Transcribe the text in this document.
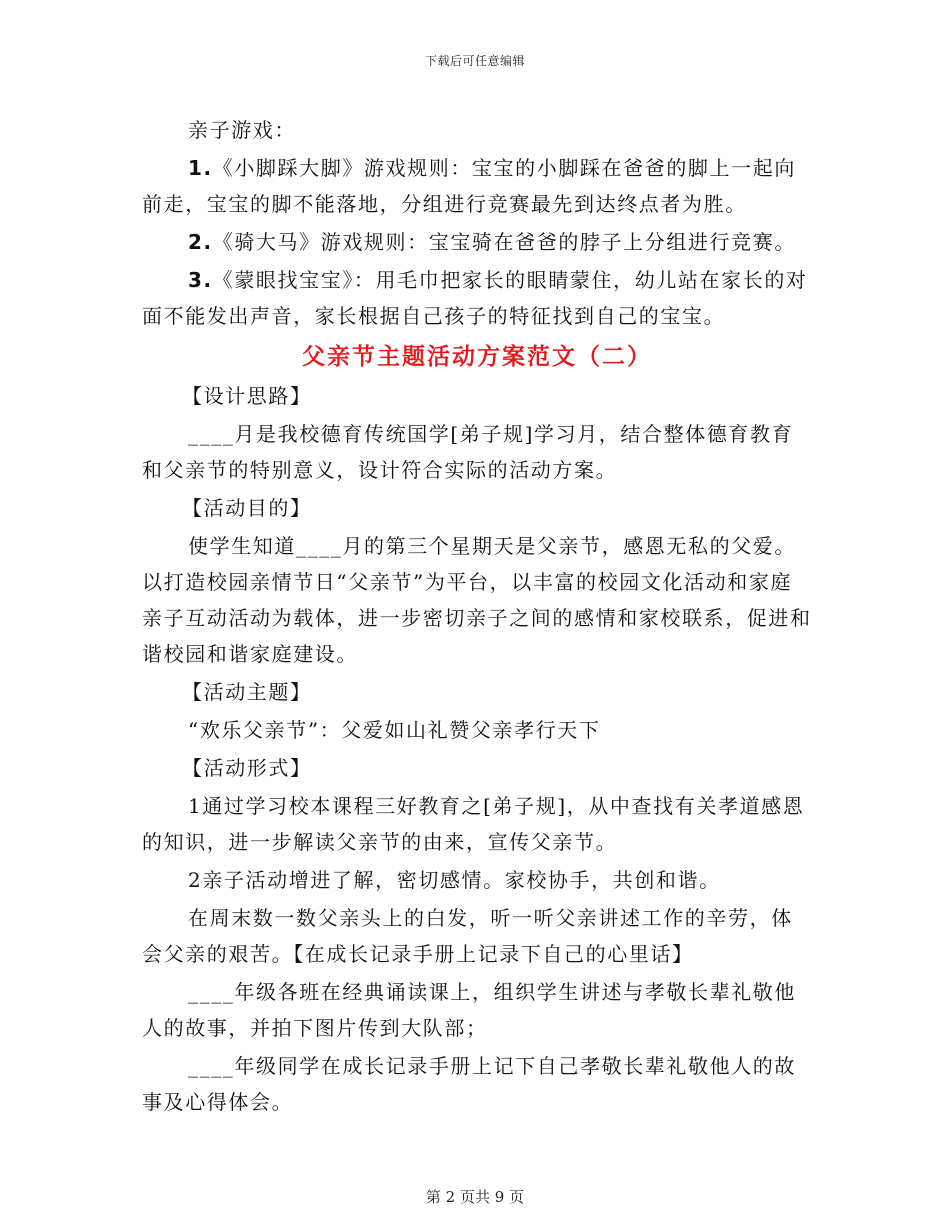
下载后可任意编辑

亲子游戏：

1.《小脚踩大脚》游戏规则：宝宝的小脚踩在爸爸的脚上一起向前走，宝宝的脚不能落地，分组进行竞赛最先到达终点者为胜。

2.《骑大马》游戏规则：宝宝骑在爸爸的脖子上分组进行竞赛。

3.《蒙眼找宝宝》：用毛巾把家长的眼睛蒙住，幼儿站在家长的对面不能发出声音，家长根据自己孩子的特征找到自己的宝宝。

父亲节主题活动方案范文（二）

【设计思路】

____月是我校德育传统国学[弟子规]学习月，结合整体德育教育和父亲节的特别意义，设计符合实际的活动方案。

【活动目的】

使学生知道____月的第三个星期天是父亲节，感恩无私的父爱。以打造校园亲情节日“父亲节”为平台，以丰富的校园文化活动和家庭亲子互动活动为载体，进一步密切亲子之间的感情和家校联系，促进和谐校园和谐家庭建设。

【活动主题】

“欢乐父亲节”：父爱如山礼赞父亲孝行天下

【活动形式】

1通过学习校本课程三好教育之[弟子规]，从中查找有关孝道感恩的知识，进一步解读父亲节的由来，宣传父亲节。

2亲子活动增进了解，密切感情。家校协手，共创和谐。

在周末数一数父亲头上的白发，听一听父亲讲述工作的辛劳，体会父亲的艰苦。【在成长记录手册上记录下自己的心里话】

____年级各班在经典诵读课上，组织学生讲述与孝敬长辈礼敬他人的故事，并拍下图片传到大队部；

____年级同学在成长记录手册上记下自己孝敬长辈礼敬他人的故事及心得体会。

第 2 页共 9 页
